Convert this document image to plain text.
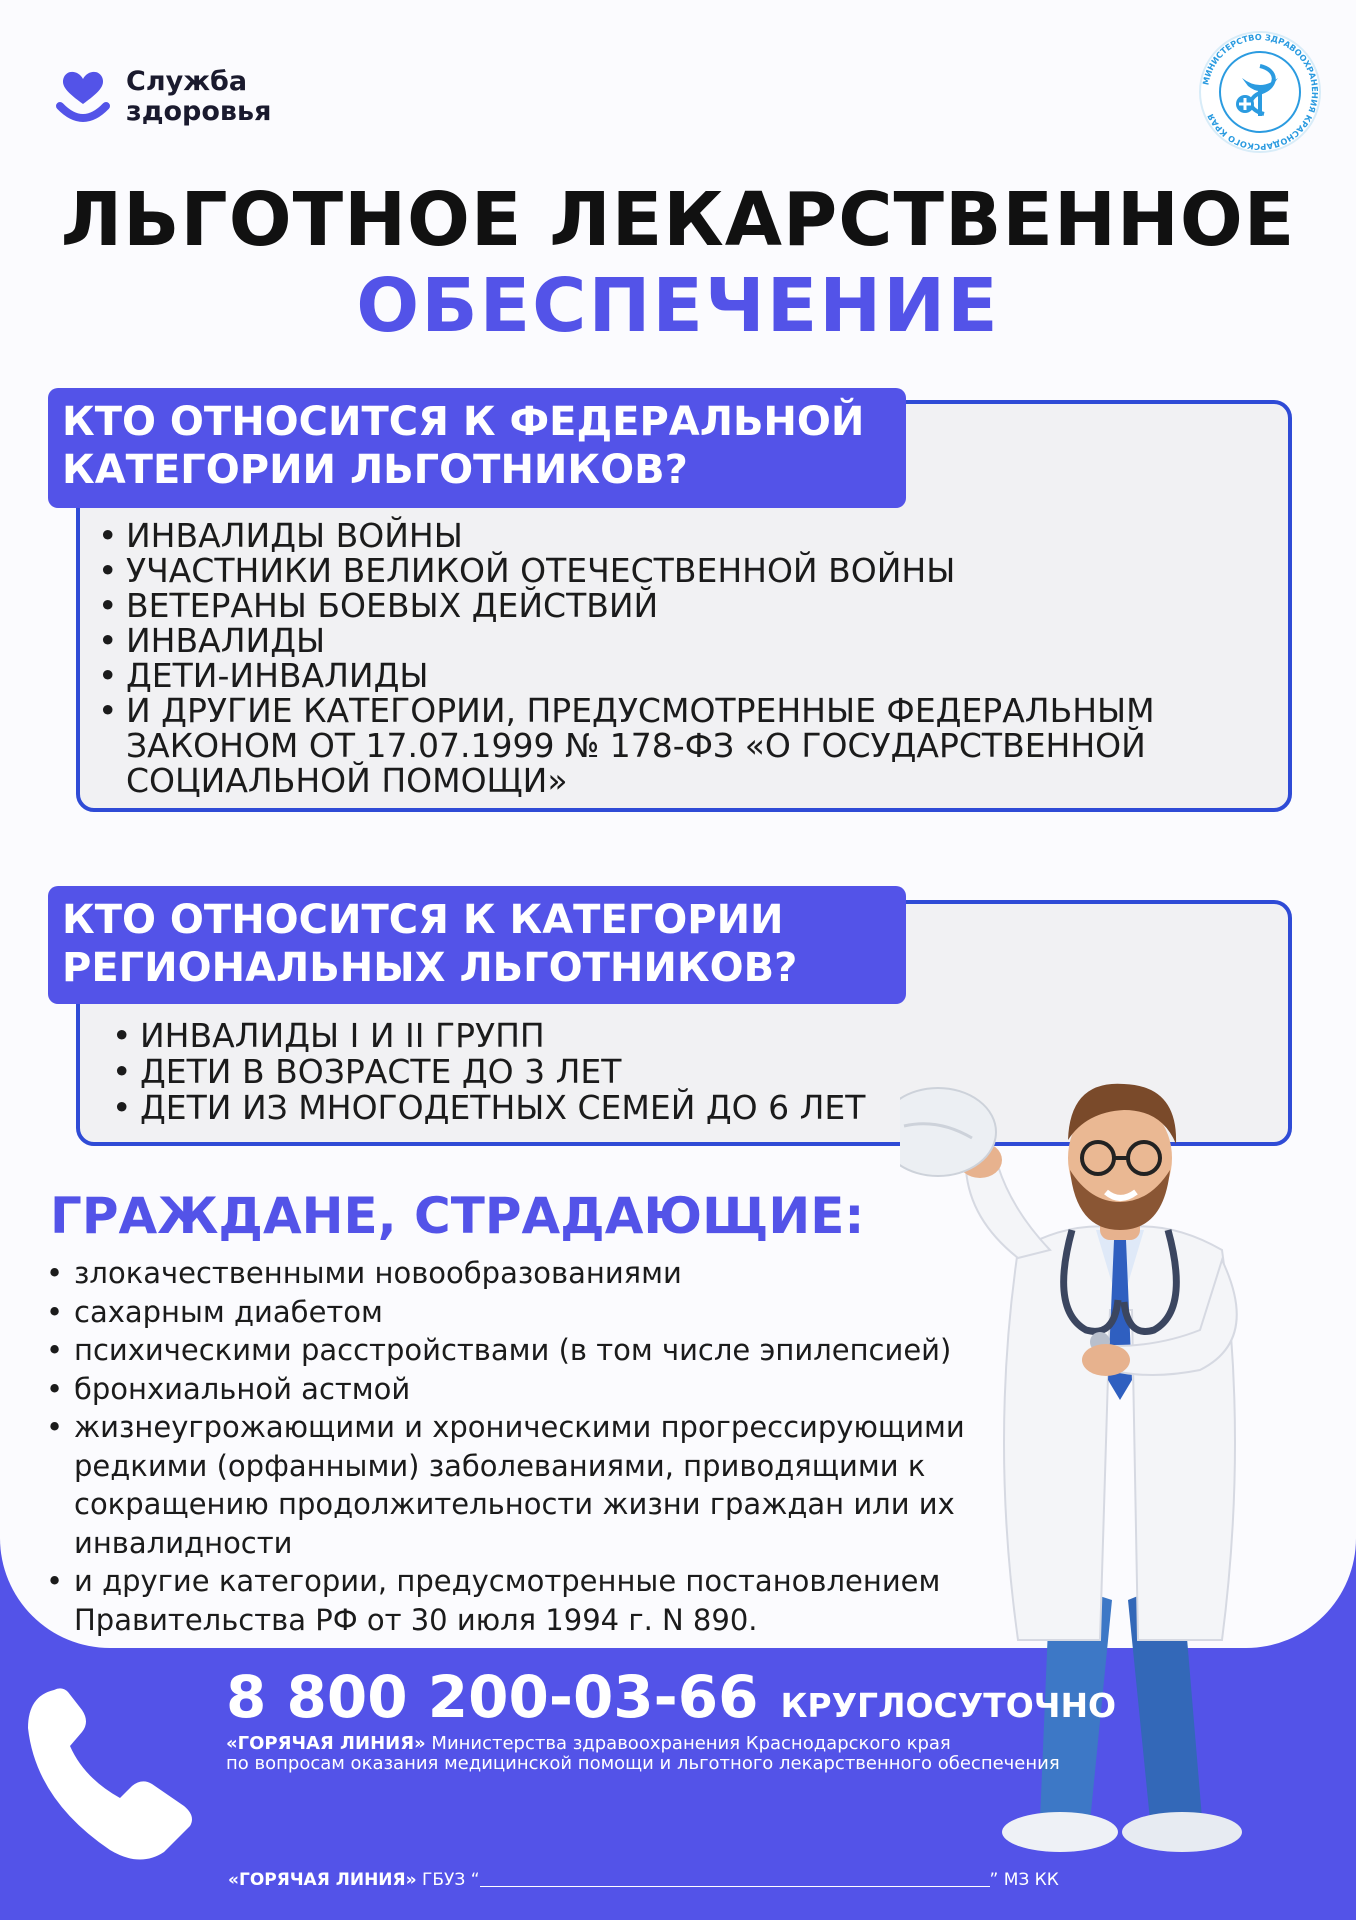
Служба
здоровья
МИНИСТЕРСТВО ЗДРАВООХРАНЕНИЯ КРАСНОДАРСКОГО КРАЯ
ЛЬГОТНОЕ ЛЕКАРСТВЕННОЕ
ОБЕСПЕЧЕНИЕ
КТО ОТНОСИТСЯ К ФЕДЕРАЛЬНОЙ
КАТЕГОРИИ ЛЬГОТНИКОВ?
• ИНВАЛИДЫ ВОЙНЫ
• УЧАСТНИКИ ВЕЛИКОЙ ОТЕЧЕСТВЕННОЙ ВОЙНЫ
• ВЕТЕРАНЫ БОЕВЫХ ДЕЙСТВИЙ
• ИНВАЛИДЫ
• ДЕТИ-ИНВАЛИДЫ
• И ДРУГИЕ КАТЕГОРИИ, ПРЕДУСМОТРЕННЫЕ ФЕДЕРАЛЬНЫМ ЗАКОНОМ ОТ 17.07.1999 № 178-ФЗ «О ГОСУДАРСТВЕННОЙ СОЦИАЛЬНОЙ ПОМОЩИ»
КТО ОТНОСИТСЯ К КАТЕГОРИИ
РЕГИОНАЛЬНЫХ ЛЬГОТНИКОВ?
• ИНВАЛИДЫ I И II ГРУПП
• ДЕТИ В ВОЗРАСТЕ ДО 3 ЛЕТ
• ДЕТИ ИЗ МНОГОДЕТНЫХ СЕМЕЙ ДО 6 ЛЕТ
ГРАЖДАНЕ, СТРАДАЮЩИЕ:
• злокачественными новообразованиями
• сахарным диабетом
• психическими расстройствами (в том числе эпилепсией)
• бронхиальной астмой
• жизнеугрожающими и хроническими прогрессирующими редкими (орфанными) заболеваниями, приводящими к сокращению продолжительности жизни граждан или их инвалидности
• и другие категории, предусмотренные постановлением Правительства РФ от 30 июля 1994 г. N 890.
8 800 200-03-66 КРУГЛОСУТОЧНО
«ГОРЯЧАЯ ЛИНИЯ» Министерства здравоохранения Краснодарского края
по вопросам оказания медицинской помощи и льготного лекарственного обеспечения
«ГОРЯЧАЯ ЛИНИЯ» ГБУЗ “	” МЗ КК
